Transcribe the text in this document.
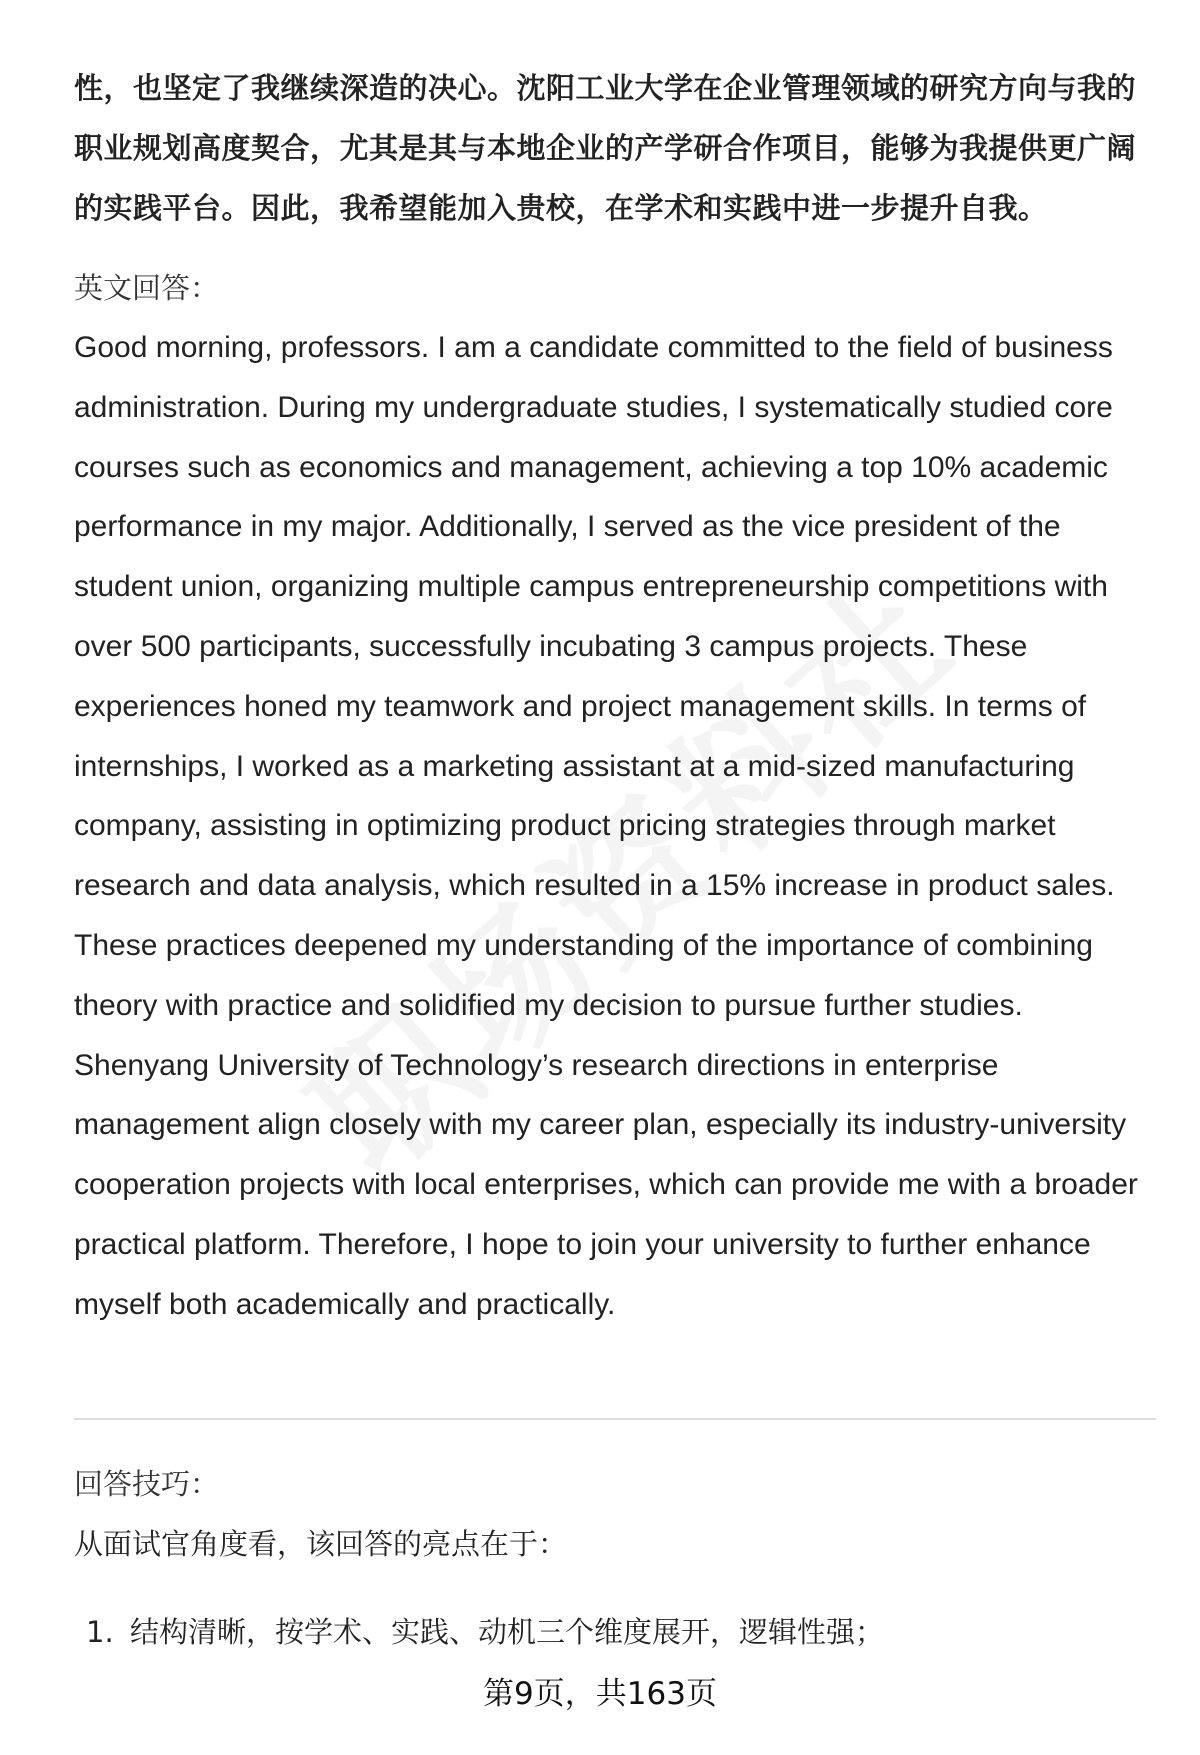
性，也坚定了我继续深造的决心。沈阳工业大学在企业管理领域的研究方向与我的职业规划高度契合，尤其是其与本地企业的产学研合作项目，能够为我提供更广阔的实践平台。因此，我希望能加入贵校，在学术和实践中进一步提升自我。

英文回答：

Good morning, professors. I am a candidate committed to the field of business administration. During my undergraduate studies, I systematically studied core courses such as economics and management, achieving a top 10% academic performance in my major. Additionally, I served as the vice president of the student union, organizing multiple campus entrepreneurship competitions with over 500 participants, successfully incubating 3 campus projects. These experiences honed my teamwork and project management skills. In terms of internships, I worked as a marketing assistant at a mid-sized manufacturing company, assisting in optimizing product pricing strategies through market research and data analysis, which resulted in a 15% increase in product sales. These practices deepened my understanding of the importance of combining theory with practice and solidified my decision to pursue further studies. Shenyang University of Technology’s research directions in enterprise management align closely with my career plan, especially its industry-university cooperation projects with local enterprises, which can provide me with a broader practical platform. Therefore, I hope to join your university to further enhance myself both academically and practically.

回答技巧：

从面试官角度看，该回答的亮点在于：

1. 结构清晰，按学术、实践、动机三个维度展开，逻辑性强；
第9页，共163页
